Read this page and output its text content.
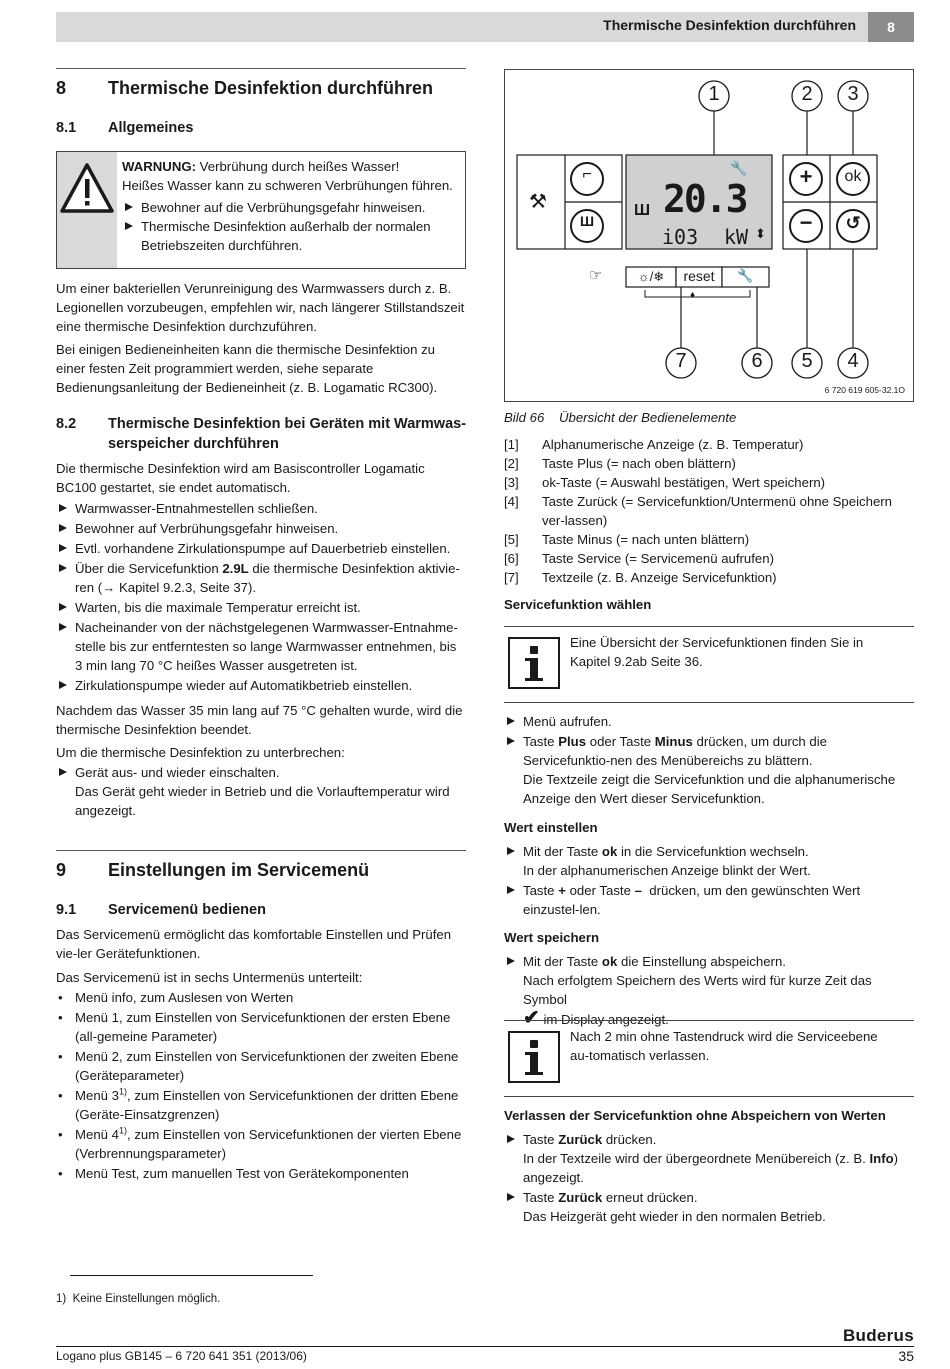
Thermische Desinfektion durchführen	8
8 Thermische Desinfektion durchführen
8.1 Allgemeines
WARNUNG: Verbrühung durch heißes Wasser!
Heißes Wasser kann zu schweren Verbrühungen führen.
Bewohner auf die Verbrühungsgefahr hinweisen.
Thermische Desinfektion außerhalb der normalen Betriebszeiten durchführen.

Um einer bakteriellen Verunreinigung des Warmwassers durch z. B. Legionellen vorzubeugen, empfehlen wir, nach längerer Stillstandszeit eine thermische Desinfektion durchzuführen.

Bei einigen Bedieneinheiten kann die thermische Desinfektion zu einer festen Zeit programmiert werden, siehe separate Bedienungsanleitung der Bedieneinheit (z. B. Logamatic RC300).

8.2 Thermische Desinfektion bei Geräten mit Warmwas-serspeicher durchführen

Die thermische Desinfektion wird am Basiscontroller Logamatic BC100 gestartet, sie endet automatisch.

Warmwasser-Entnahmestellen schließen.
Bewohner auf Verbrühungsgefahr hinweisen.
Evtl. vorhandene Zirkulationspumpe auf Dauerbetrieb einstellen.
Über die Servicefunktion 2.9L die thermische Desinfektion aktivie-ren (→ Kapitel 9.2.3, Seite 37).
Warten, bis die maximale Temperatur erreicht ist.
Nacheinander von der nächstgelegenen Warmwasser-Entnahme-stelle bis zur entferntesten so lange Warmwasser entnehmen, bis 3 min lang 70 °C heißes Wasser ausgetreten ist.
Zirkulationspumpe wieder auf Automatikbetrieb einstellen.

Nachdem das Wasser 35 min lang auf 75 °C gehalten wurde, wird die thermische Desinfektion beendet.

Um die thermische Desinfektion zu unterbrechen:

Gerät aus- und wieder einschalten.
Das Gerät geht wieder in Betrieb und die Vorlauftemperatur wird angezeigt.
9 Einstellungen im Servicemenü
9.1 Servicemenü bedienen

Das Servicemenü ermöglicht das komfortable Einstellen und Prüfen vie-ler Gerätefunktionen.

Das Servicemenü ist in sechs Untermenüs unterteilt:

• Menü info, zum Auslesen von Werten
• Menü 1, zum Einstellen von Servicefunktionen der ersten Ebene (all-gemeine Parameter)
• Menü 2, zum Einstellen von Servicefunktionen der zweiten Ebene (Geräteparameter)
• Menü 3$^{1)}$, zum Einstellen von Servicefunktionen der dritten Ebene (Geräte-Einsatzgrenzen)
• Menü 4$^{1)}$, zum Einstellen von Servicefunktionen der vierten Ebene (Verbrennungsparameter)
• Menü Test, zum manuellen Test von Gerätekomponenten
1) Keine Einstellungen möglich.
1	2 3
4
5
6
7
⚒
⌐
Ш
Ш
🔧
20.3
i03 kW ⬍
+	ok
−	↺
☞	☼/❄	reset	🔧
♦
6 720 619 605-32.1O
Bild 66    Übersicht der Bedienelemente
[1] Alphanumerische Anzeige (z. B. Temperatur)
[2] Taste Plus (= nach oben blättern)
[3] ok-Taste (= Auswahl bestätigen, Wert speichern)
[4] Taste Zurück (= Servicefunktion/Untermenü ohne Speichern ver-lassen)
[5] Taste Minus (= nach unten blättern)
[6] Taste Service (= Servicemenü aufrufen)
[7] Textzeile (z. B. Anzeige Servicefunktion)
Servicefunktion wählen
Eine Übersicht der Servicefunktionen finden Sie in Kapitel 9.2ab Seite 36.
Menü aufrufen.
Taste Plus oder Taste Minus drücken, um durch die Servicefunktio-nen des Menübereichs zu blättern.
Die Textzeile zeigt die Servicefunktion und die alphanumerische Anzeige den Wert dieser Servicefunktion.
Wert einstellen
Mit der Taste ok in die Servicefunktion wechseln.
In der alphanumerischen Anzeige blinkt der Wert.
Taste + oder Taste – drücken, um den gewünschten Wert einzustel-len.
Wert speichern
Mit der Taste ok die Einstellung abspeichern.
Nach erfolgtem Speichern des Werts wird für kurze Zeit das Symbol
✔ im Display angezeigt.
Nach 2 min ohne Tastendruck wird die Serviceebene au-tomatisch verlassen.
Verlassen der Servicefunktion ohne Abspeichern von Werten
Taste Zurück drücken.
In der Textzeile wird der übergeordnete Menübereich (z. B. Info) angezeigt.
Taste Zurück erneut drücken.
Das Heizgerät geht wieder in den normalen Betrieb.
Buderus
Logano plus GB145 – 6 720 641 351 (2013/06)	35
